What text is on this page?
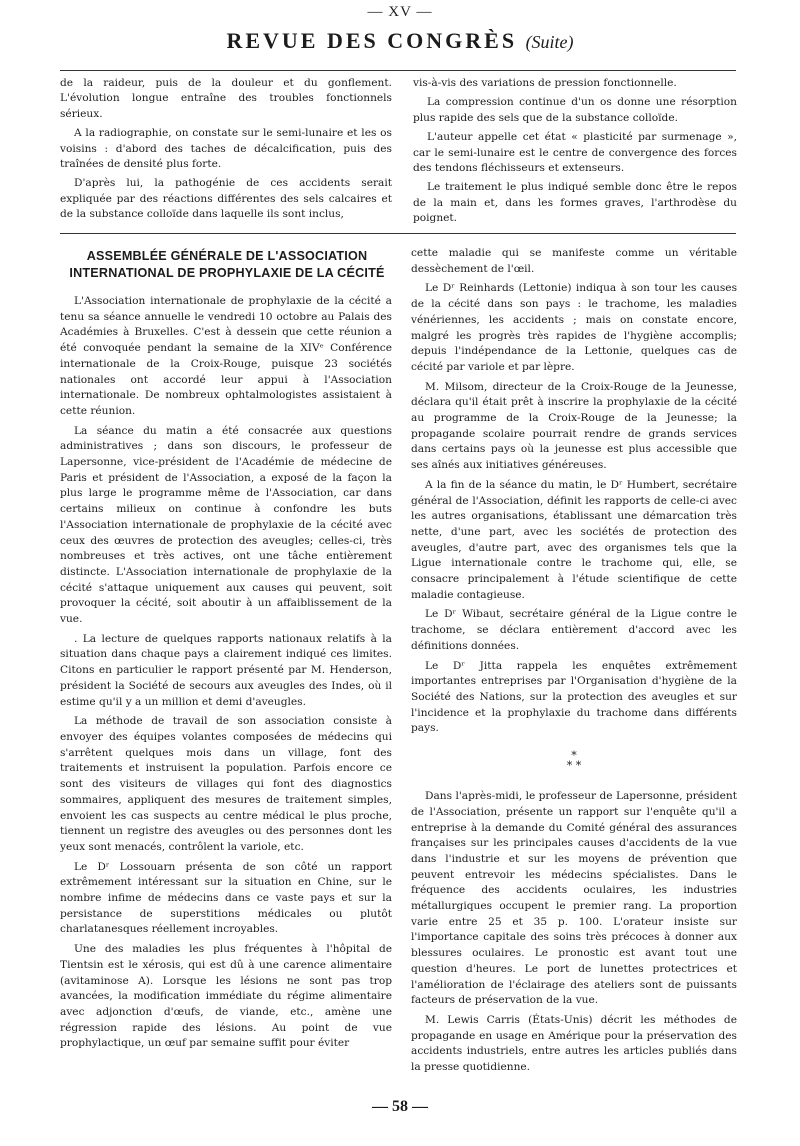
— XV —
REVUE DES CONGRÈS (Suite)

de la raideur, puis de la douleur et du gonflement. L'évolution longue entraîne des troubles fonctionnels sérieux.

A la radiographie, on constate sur le semi-lunaire et les os voisins : d'abord des taches de décalcification, puis des traînées de densité plus forte.

D'après lui, la pathogénie de ces accidents serait expliquée par des réactions différentes des sels calcaires et de la substance colloïde dans laquelle ils sont inclus,

vis-à-vis des variations de pression fonctionnelle.

La compression continue d'un os donne une résorption plus rapide des sels que de la substance colloïde.

L'auteur appelle cet état « plasticité par surmenage », car le semi-lunaire est le centre de convergence des forces des tendons fléchisseurs et extenseurs.

Le traitement le plus indiqué semble donc être le repos de la main et, dans les formes graves, l'arthrodèse du poignet.

ASSEMBLÉE GÉNÉRALE DE L'ASSOCIATION
INTERNATIONAL DE PROPHYLAXIE DE LA CÉCITÉ

L'Association internationale de prophylaxie de la cécité a tenu sa séance annuelle le vendredi 10 octobre au Palais des Académies à Bruxelles. C'est à dessein que cette réunion a été convoquée pendant la semaine de la XIVᵉ Conférence internationale de la Croix-Rouge, puisque 23 sociétés nationales ont accordé leur appui à l'Association internationale. De nombreux ophtalmologistes assistaient à cette réunion.

La séance du matin a été consacrée aux questions administratives ; dans son discours, le professeur de Lapersonne, vice-président de l'Académie de médecine de Paris et président de l'Association, a exposé de la façon la plus large le programme même de l'Association, car dans certains milieux on continue à confondre les buts l'Association internationale de prophylaxie de la cécité avec ceux des œuvres de protection des aveugles; celles-ci, très nombreuses et très actives, ont une tâche entièrement distincte. L'Association internationale de prophylaxie de la cécité s'attaque uniquement aux causes qui peuvent, soit provoquer la cécité, soit aboutir à un affaiblissement de la vue.

. La lecture de quelques rapports nationaux relatifs à la situation dans chaque pays a clairement indiqué ces limites. Citons en particulier le rapport présenté par M. Henderson, président la Société de secours aux aveugles des Indes, où il estime qu'il y a un million et demi d'aveugles.

La méthode de travail de son association consiste à envoyer des équipes volantes composées de médecins qui s'arrêtent quelques mois dans un village, font des traitements et instruisent la population. Parfois encore ce sont des visiteurs de villages qui font des diagnostics sommaires, appliquent des mesures de traitement simples, envoient les cas suspects au centre médical le plus proche, tiennent un registre des aveugles ou des personnes dont les yeux sont menacés, contrôlent la variole, etc.

Le Dʳ Lossouarn présenta de son côté un rapport extrêmement intéressant sur la situation en Chine, sur le nombre infime de médecins dans ce vaste pays et sur la persistance de superstitions médicales ou plutôt charlatanesques réellement incroyables.

Une des maladies les plus fréquentes à l'hôpital de Tientsin est le xérosis, qui est dû à une carence alimentaire (avitaminose A). Lorsque les lésions ne sont pas trop avancées, la modification immédiate du régime alimentaire avec adjonction d'œufs, de viande, etc., amène une régression rapide des lésions. Au point de vue prophylactique, un œuf par semaine suffit pour éviter

cette maladie qui se manifeste comme un véritable dessèchement de l'œil.

Le Dʳ Reinhards (Lettonie) indiqua à son tour les causes de la cécité dans son pays : le trachome, les maladies vénériennes, les accidents ; mais on constate encore, malgré les progrès très rapides de l'hygiène accomplis; depuis l'indépendance de la Lettonie, quelques cas de cécité par variole et par lèpre.

M. Milsom, directeur de la Croix-Rouge de la Jeunesse, déclara qu'il était prêt à inscrire la prophylaxie de la cécité au programme de la Croix-Rouge de la Jeunesse; la propagande scolaire pourrait rendre de grands services dans certains pays où la jeunesse est plus accessible que ses aînés aux initiatives généreuses.

A la fin de la séance du matin, le Dʳ Humbert, secrétaire général de l'Association, définit les rapports de celle-ci avec les autres organisations, établissant une démarcation très nette, d'une part, avec les sociétés de protection des aveugles, d'autre part, avec des organismes tels que la Ligue internationale contre le trachome qui, elle, se consacre principalement à l'étude scientifique de cette maladie contagieuse.

Le Dʳ Wibaut, secrétaire général de la Ligue contre le trachome, se déclara entièrement d'accord avec les définitions données.

Le Dʳ Jitta rappela les enquêtes extrêmement importantes entreprises par l'Organisation d'hygiène de la Société des Nations, sur la protection des aveugles et sur l'incidence et la prophylaxie du trachome dans différents pays.

*
* *

Dans l'après-midi, le professeur de Lapersonne, président de l'Association, présente un rapport sur l'enquête qu'il a entreprise à la demande du Comité général des assurances françaises sur les principales causes d'accidents de la vue dans l'industrie et sur les moyens de prévention que peuvent entrevoir les médecins spécialistes. Dans le fréquence des accidents oculaires, les industries métallurgiques occupent le premier rang. La proportion varie entre 25 et 35 p. 100. L'orateur insiste sur l'importance capitale des soins très précoces à donner aux blessures oculaires. Le pronostic est avant tout une question d'heures. Le port de lunettes protectrices et l'amélioration de l'éclairage des ateliers sont de puissants facteurs de préservation de la vue.

M. Lewis Carris (États-Unis) décrit les méthodes de propagande en usage en Amérique pour la préservation des accidents industriels, entre autres les articles publiés dans la presse quotidienne.

— 58 —
